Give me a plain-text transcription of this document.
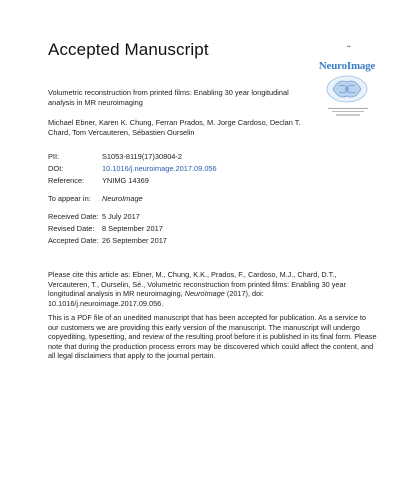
Accepted Manuscript	▪▪
NeuroImage
Volumetric reconstruction from printed films: Enabling 30 year longitudinal analysis in MR neuroimaging
Michael Ebner, Karen K. Chung, Ferran Prados, M. Jorge Cardoso, Declan T. Chard, Tom Vercauteren, Sébastien Ourselin
PII:	S1053-8119(17)30804-2
DOI:	10.1016/j.neuroimage.2017.09.056
Reference: YNIMG 14369
To appear in: NeuroImage
Received Date: 5 July 2017
Revised Date: 8 September 2017
Accepted Date: 26 September 2017
Please cite this article as: Ebner, M., Chung, K.K., Prados, F., Cardoso, M.J., Chard, D.T., Vercauteren, T., Ourselin, Sé., Volumetric reconstruction from printed films: Enabling 30 year longitudinal analysis in MR neuroimaging, NeuroImage (2017), doi: 10.1016/j.neuroimage.2017.09.056.
This is a PDF file of an unedited manuscript that has been accepted for publication. As a service to our customers we are providing this early version of the manuscript. The manuscript will undergo copyediting, typesetting, and review of the resulting proof before it is published in its final form. Please note that during the production process errors may be discovered which could affect the content, and all legal disclaimers that apply to the journal pertain.
